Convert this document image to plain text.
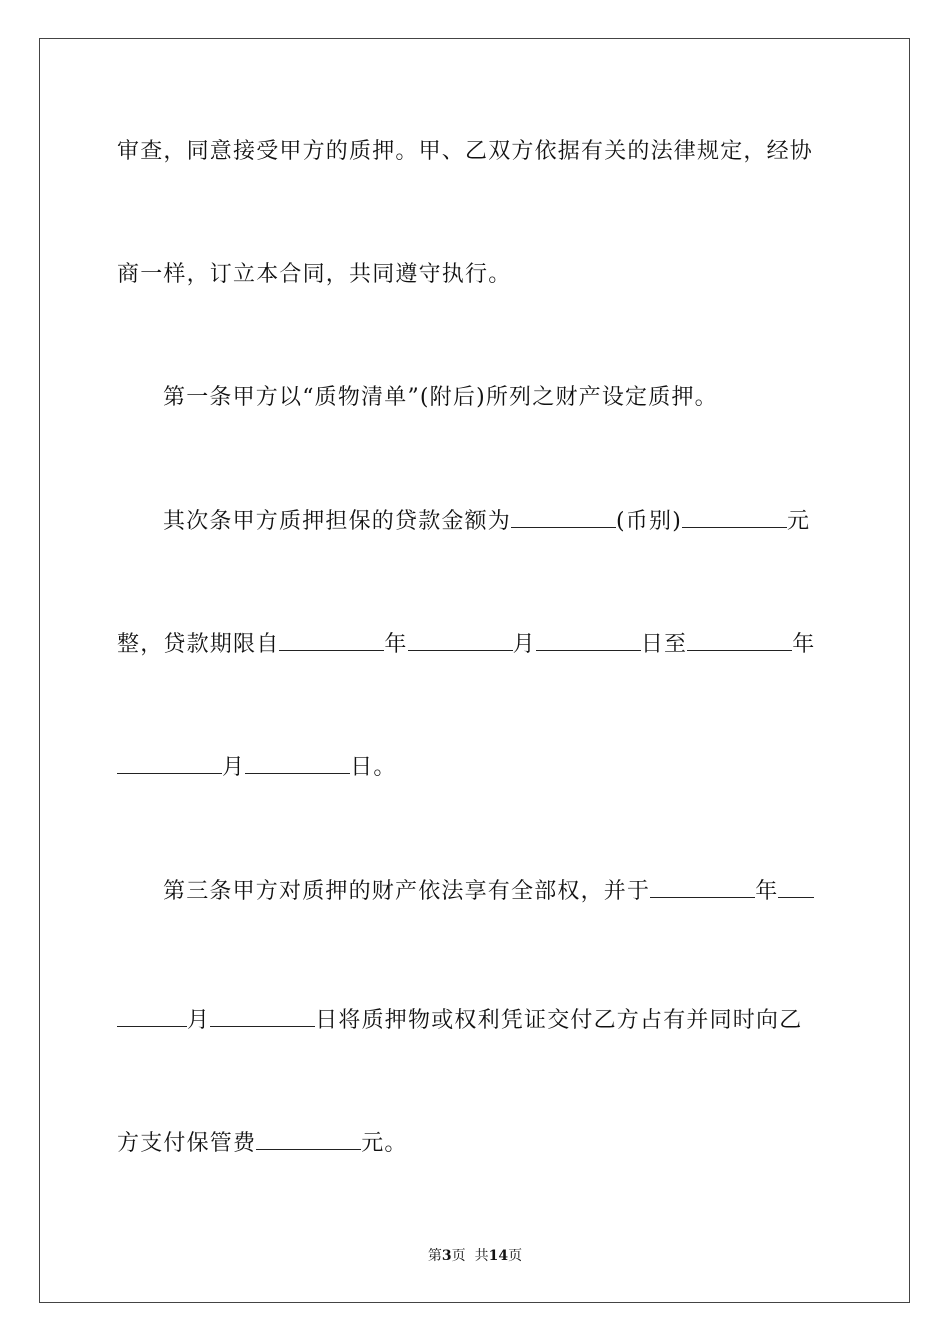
审查，同意接受甲方的质押。甲、乙双方依据有关的法律规定，经协
商一样，订立本合同，共同遵守执行。
第一条甲方以“质物清单”(附后)所列之财产设定质押。
其次条甲方质押担保的贷款金额为	(币别)	元
整，贷款期限自	年	月	日至	年
月	日。
第三条甲方对质押的财产依法享有全部权，并于	年
月	日将质押物或权利凭证交付乙方占有并同时向乙
方支付保管费	元。
第3页  共14页
